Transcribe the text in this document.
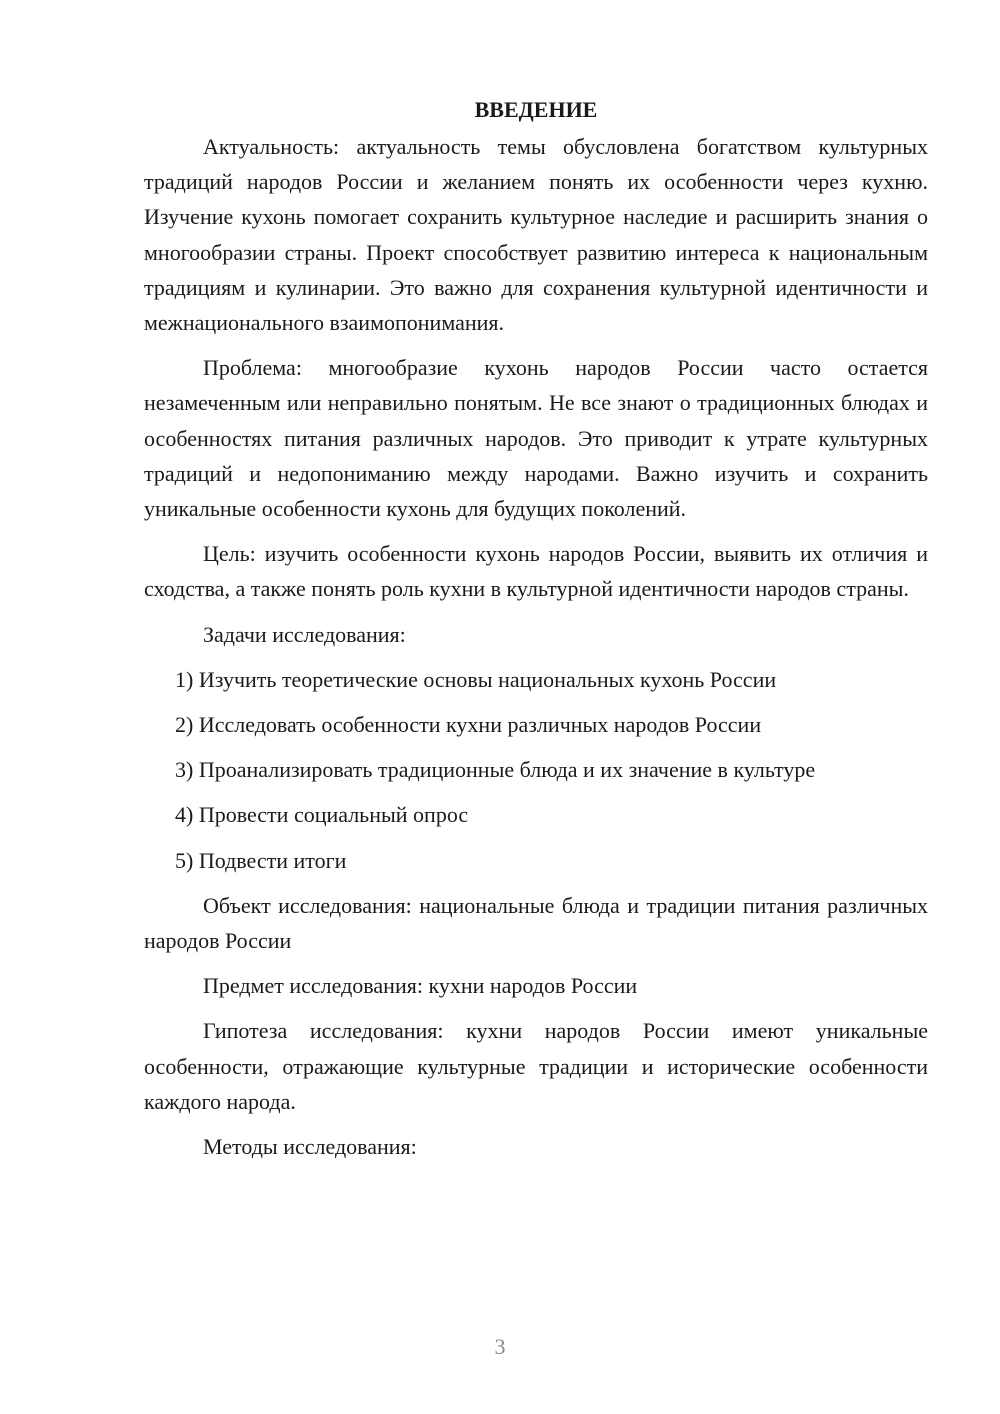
ВВЕДЕНИЕ

Актуальность: актуальность темы обусловлена богатством культурных традиций народов России и желанием понять их особенности через кухню. Изучение кухонь помогает сохранить культурное наследие и расширить знания о многообразии страны. Проект способствует развитию интереса к национальным традициям и кулинарии. Это важно для сохранения культурной идентичности и межнационального взаимопонимания.

Проблема: многообразие кухонь народов России часто остается незамеченным или неправильно понятым. Не все знают о традиционных блюдах и особенностях питания различных народов. Это приводит к утрате культурных традиций и недопониманию между народами. Важно изучить и сохранить уникальные особенности кухонь для будущих поколений.

Цель: изучить особенности кухонь народов России, выявить их отличия и сходства, а также понять роль кухни в культурной идентичности народов страны.

Задачи исследования:

1) Изучить теоретические основы национальных кухонь России

2) Исследовать особенности кухни различных народов России

3) Проанализировать традиционные блюда и их значение в культуре

4) Провести социальный опрос

5) Подвести итоги

Объект исследования: национальные блюда и традиции питания различных народов России

Предмет исследования: кухни народов России

Гипотеза исследования: кухни народов России имеют уникальные особенности, отражающие культурные традиции и исторические особенности каждого народа.

Методы исследования:

3
